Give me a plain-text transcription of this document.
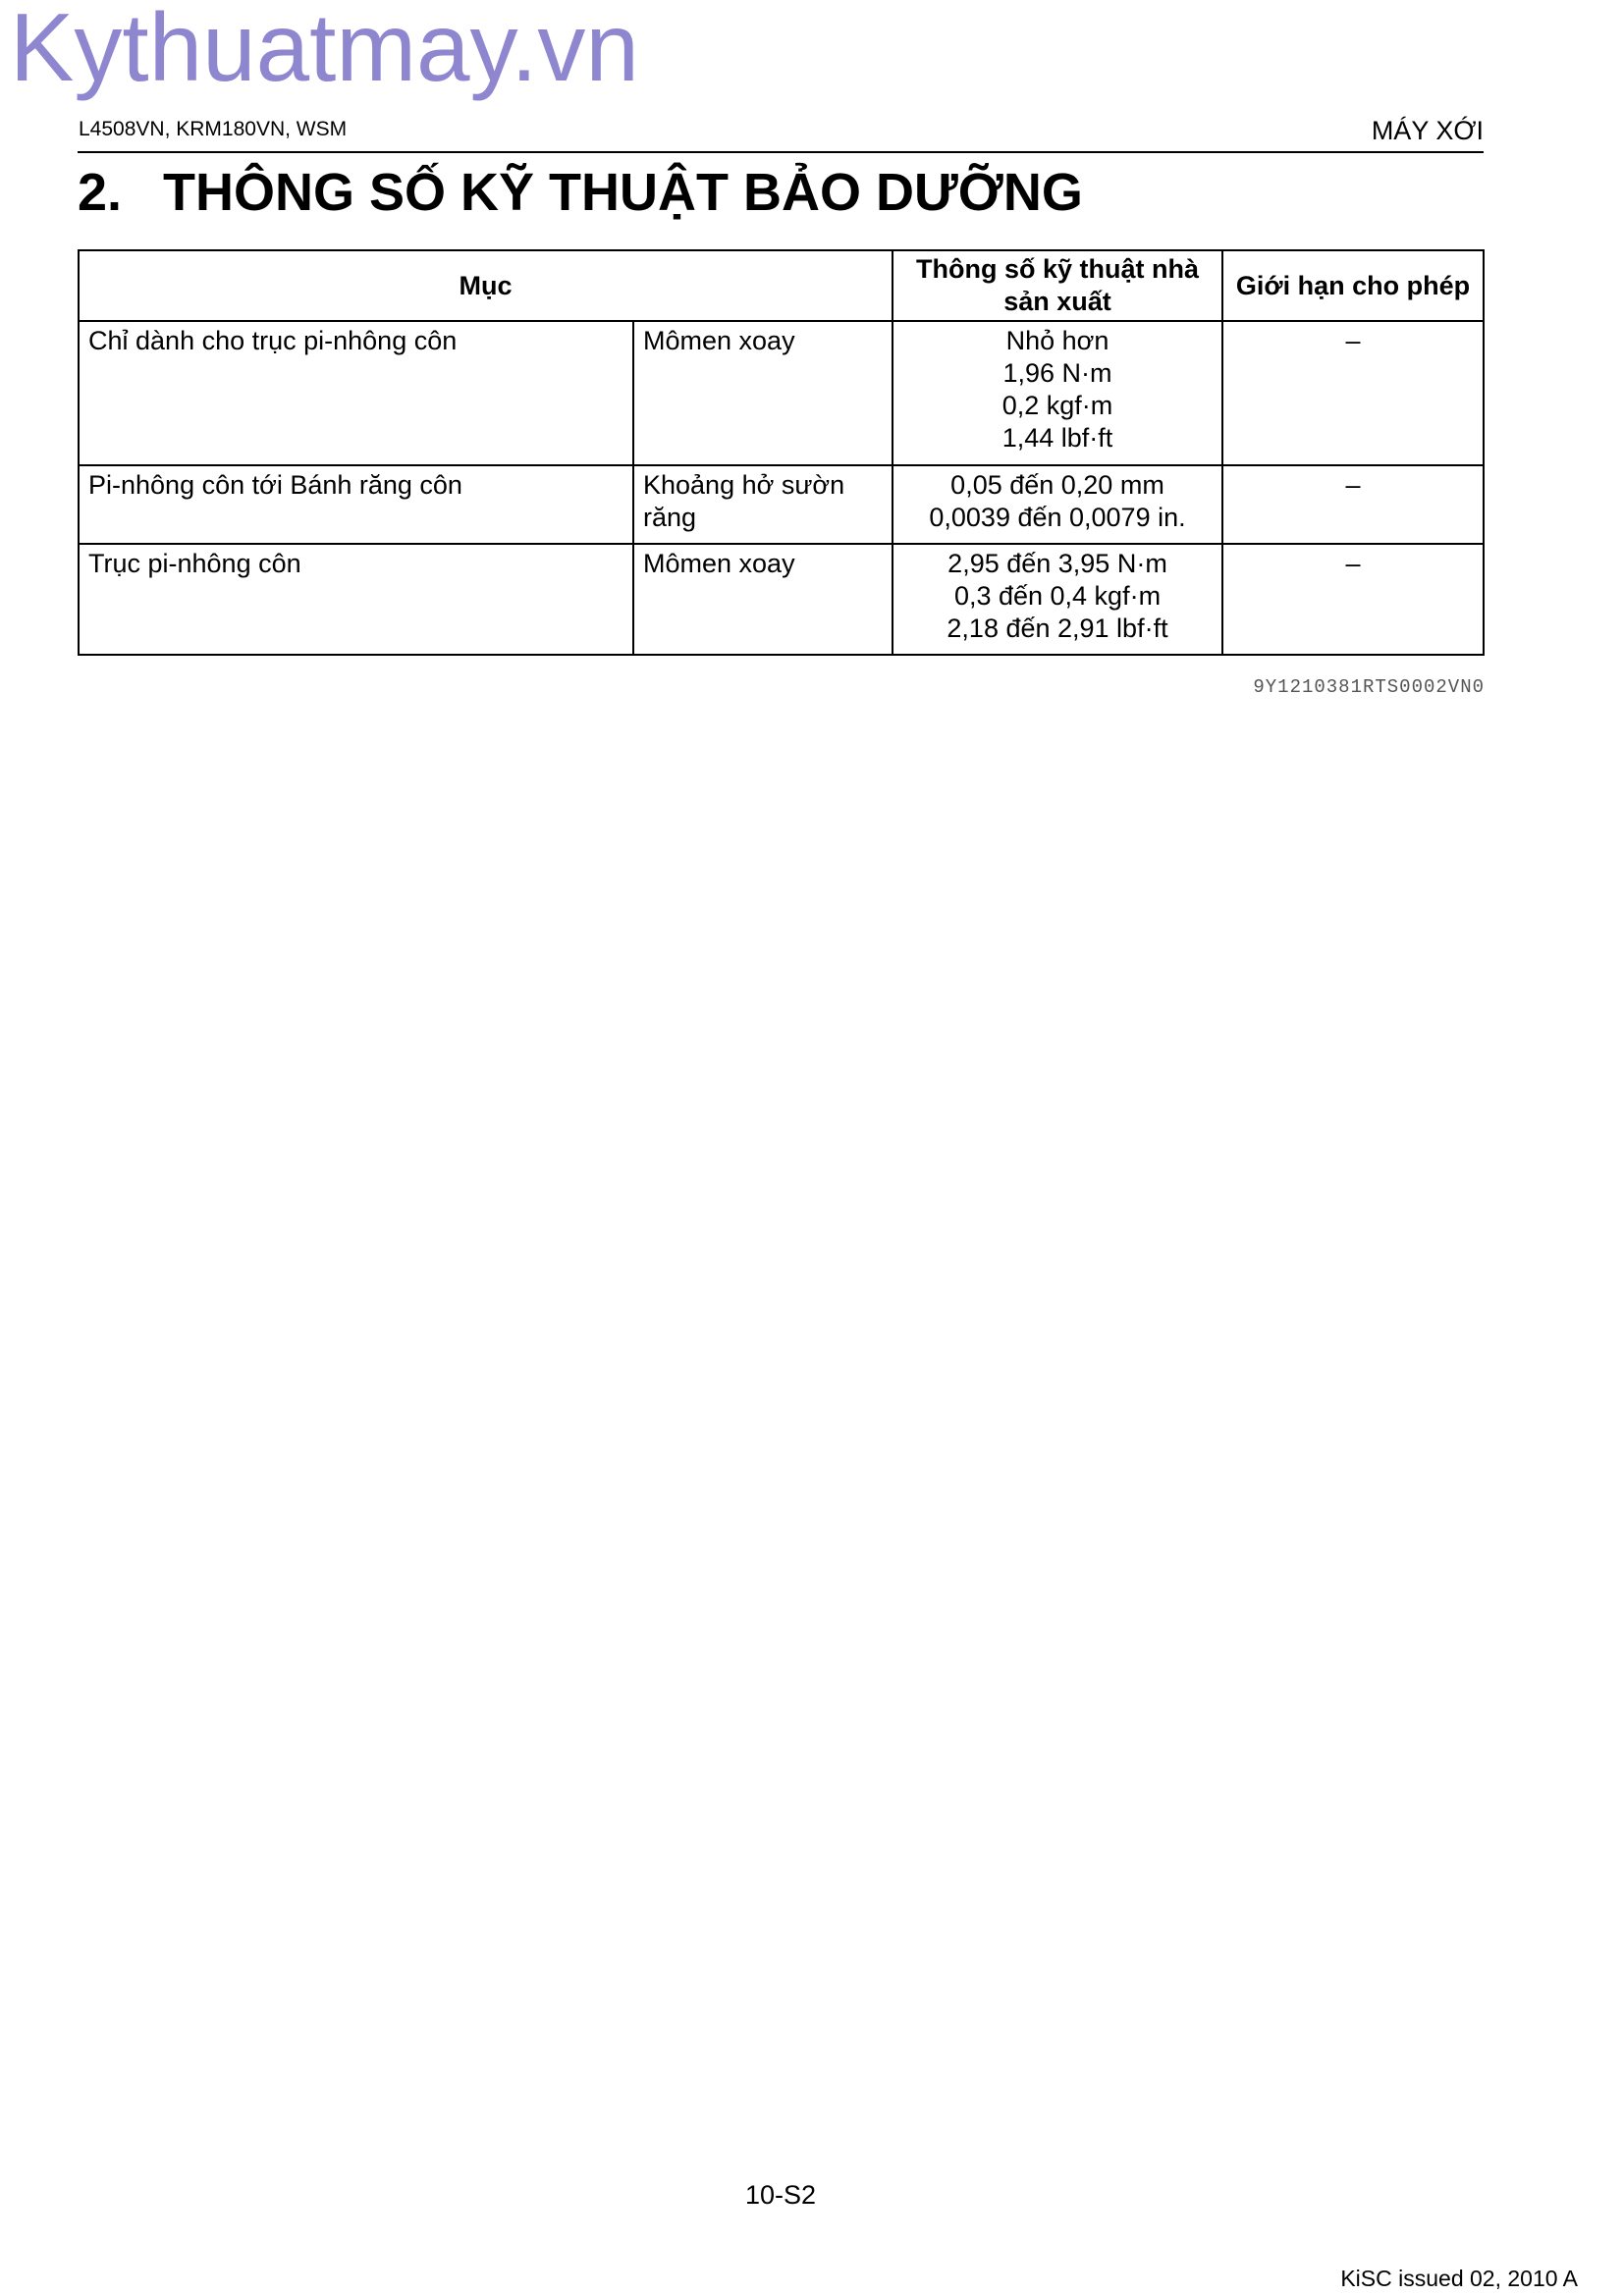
Kythuatmay.vn
L4508VN, KRM180VN, WSM	MÁY XỚI
2. THÔNG SỐ KỸ THUẬT BẢO DƯỠNG
Mục		Thông số kỹ thuật nhà sản xuất	Giới hạn cho phép
Chỉ dành cho trục pi-nhông côn	Mômen xoay	Nhỏ hơn
1,96 N·m
0,2 kgf·m
1,44 lbf·ft	–
Pi-nhông côn tới Bánh răng côn	Khoảng hở sườn răng	0,05 đến 0,20 mm
0,0039 đến 0,0079 in.	–
Trục pi-nhông côn	Mômen xoay	2,95 đến 3,95 N·m
0,3 đến 0,4 kgf·m
2,18 đến 2,91 lbf·ft	–
9Y1210381RTS0002VN0
10-S2
KiSC issued 02, 2010 A
